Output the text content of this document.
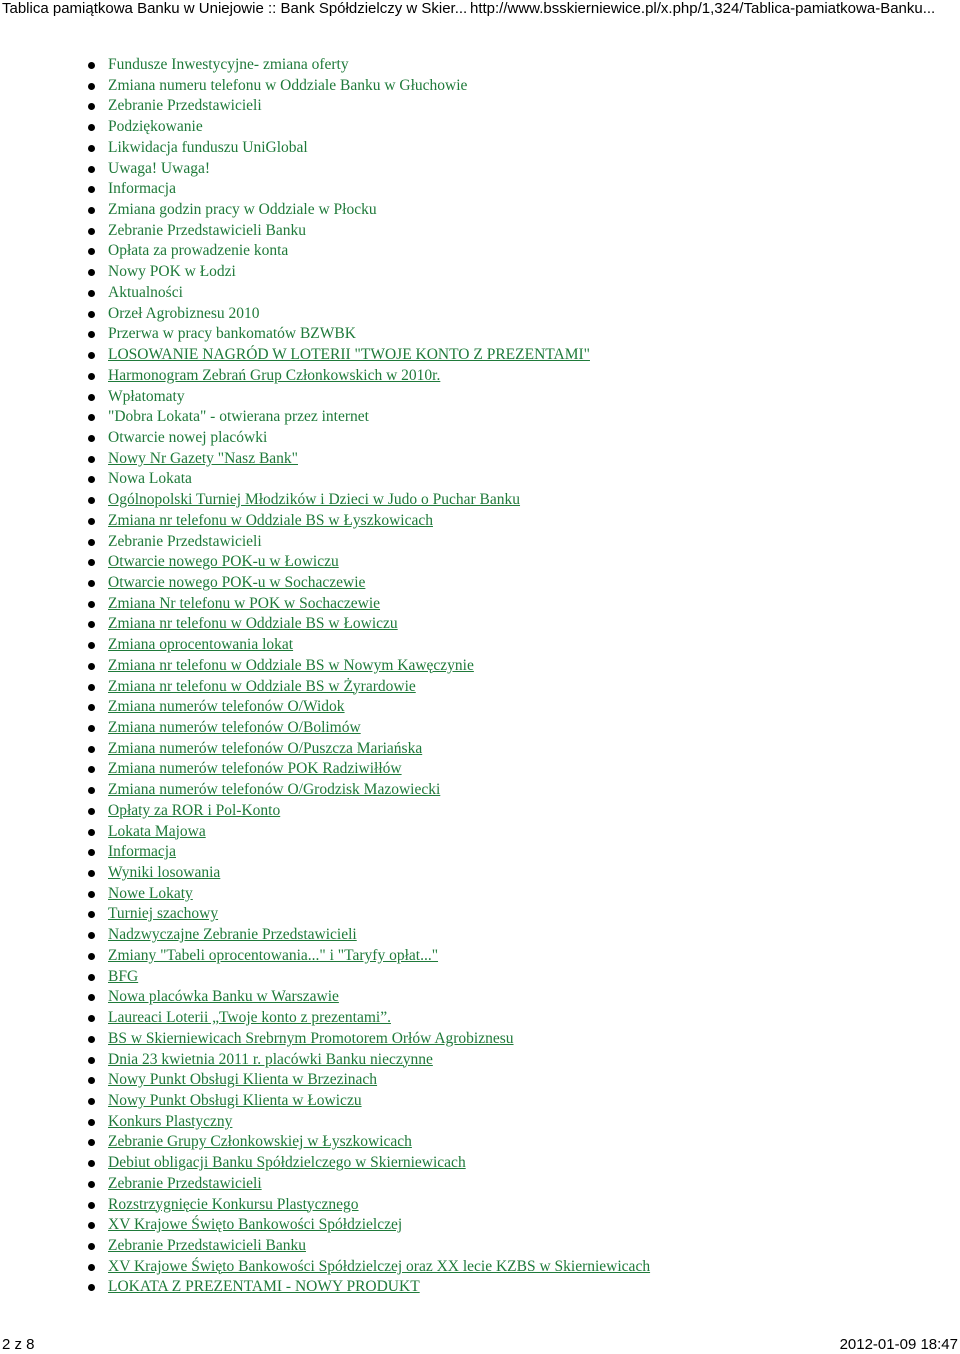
Tablica pamiątkowa Banku w Uniejowie :: Bank Spółdzielczy w Skier... http://www.bsskierniewice.pl/x.php/1,324/Tablica-pamiatkowa-Banku...
Fundusze Inwestycyjne- zmiana oferty
Zmiana numeru telefonu w Oddziale Banku w Głuchowie
Zebranie Przedstawicieli
Podziękowanie
Likwidacja funduszu UniGlobal
Uwaga! Uwaga!
Informacja
Zmiana godzin pracy w Oddziale w Płocku
Zebranie Przedstawicieli Banku
Opłata za prowadzenie konta
Nowy POK w Łodzi
Aktualności
Orzeł Agrobiznesu 2010
Przerwa w pracy bankomatów BZWBK
LOSOWANIE NAGRÓD W LOTERII "TWOJE KONTO Z PREZENTAMI"
Harmonogram Zebrań Grup Członkowskich w 2010r.
Wpłatomaty
"Dobra Lokata" - otwierana przez internet
Otwarcie nowej placówki
Nowy Nr Gazety "Nasz Bank"
Nowa Lokata
Ogólnopolski Turniej Młodzików i Dzieci w Judo o Puchar Banku
Zmiana nr telefonu w Oddziale BS w Łyszkowicach
Zebranie Przedstawicieli
Otwarcie nowego POK-u w Łowiczu
Otwarcie nowego POK-u w Sochaczewie
Zmiana Nr telefonu w POK w Sochaczewie
Zmiana nr telefonu w Oddziale BS w Łowiczu
Zmiana oprocentowania lokat
Zmiana nr telefonu w Oddziale BS w Nowym Kawęczynie
Zmiana nr telefonu w Oddziale BS w Żyrardowie
Zmiana numerów telefonów O/Widok
Zmiana numerów telefonów O/Bolimów
Zmiana numerów telefonów O/Puszcza Mariańska
Zmiana numerów telefonów POK Radziwiłłów
Zmiana numerów telefonów O/Grodzisk Mazowiecki
Opłaty za ROR i Pol-Konto
Lokata Majowa
Informacja
Wyniki losowania
Nowe Lokaty
Turniej szachowy
Nadzwyczajne Zebranie Przedstawicieli
Zmiany "Tabeli oprocentowania..." i "Taryfy opłat..."
BFG
Nowa placówka Banku w Warszawie
Laureaci Loterii „Twoje konto z prezentami”.
BS w Skierniewicach Srebrnym Promotorem Orłów Agrobiznesu
Dnia 23 kwietnia 2011 r. placówki Banku nieczynne
Nowy Punkt Obsługi Klienta w Brzezinach
Nowy Punkt Obsługi Klienta w Łowiczu
Konkurs Plastyczny
Zebranie Grupy Członkowskiej w Łyszkowicach
Debiut obligacji Banku Spółdzielczego w Skierniewicach
Zebranie Przedstawicieli
Rozstrzygnięcie Konkursu Plastycznego
XV Krajowe Święto Bankowości Spółdzielczej
Zebranie Przedstawicieli Banku
XV Krajowe Święto Bankowości Spółdzielczej oraz XX lecie KZBS w Skierniewicach
LOKATA Z PREZENTAMI - NOWY PRODUKT
2 z 8	2012-01-09 18:47
